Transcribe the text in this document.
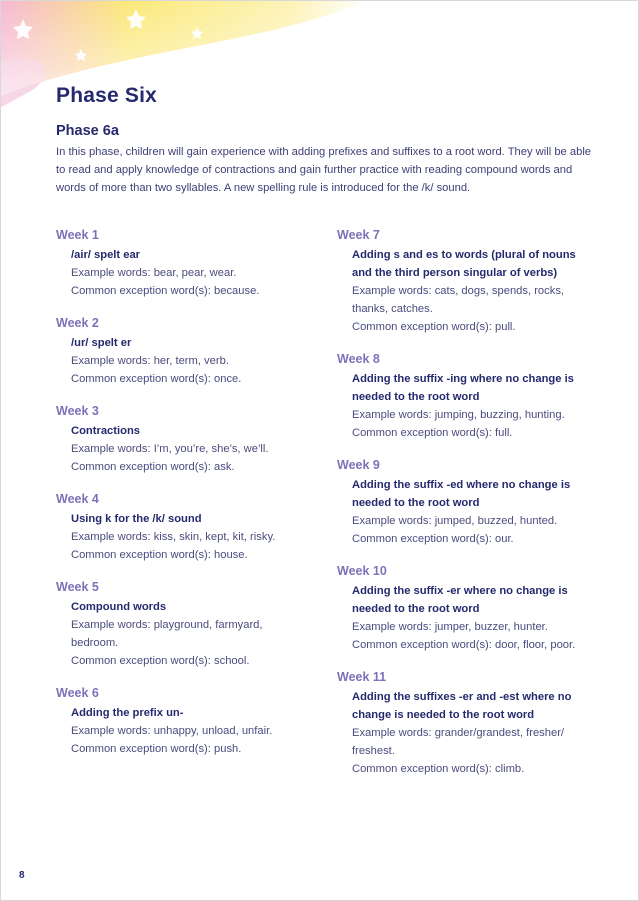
Phase Six
Phase 6a

In this phase, children will gain experience with adding prefixes and suffixes to a root word. They will be able to read and apply knowledge of contractions and gain further practice with reading compound words and words of more than two syllables. A new spelling rule is introduced for the /k/ sound.

Week 1

/air/ spelt ear

Example words: bear, pear, wear.

Common exception word(s): because.

Week 2

/ur/ spelt er

Example words: her, term, verb.

Common exception word(s): once.

Week 3

Contractions

Example words: I’m, you’re, she’s, we’ll.

Common exception word(s): ask.

Week 4

Using k for the /k/ sound

Example words: kiss, skin, kept, kit, risky.

Common exception word(s): house.

Week 5

Compound words

Example words: playground, farmyard, bedroom.

Common exception word(s): school.

Week 6

Adding the prefix un-

Example words: unhappy, unload, unfair.

Common exception word(s): push.

Week 7

Adding s and es to words (plural of nouns and the third person singular of verbs)

Example words: cats, dogs, spends, rocks, thanks, catches.

Common exception word(s): pull.

Week 8

Adding the suffix -ing where no change is needed to the root word

Example words: jumping, buzzing, hunting.

Common exception word(s): full.

Week 9

Adding the suffix -ed where no change is needed to the root word

Example words: jumped, buzzed, hunted.

Common exception word(s): our.

Week 10

Adding the suffix -er where no change is needed to the root word

Example words: jumper, buzzer, hunter.

Common exception word(s): door, floor, poor.

Week 11

Adding the suffixes -er and -est where no change is needed to the root word

Example words: grander/grandest, fresher/ freshest.

Common exception word(s): climb.

8
